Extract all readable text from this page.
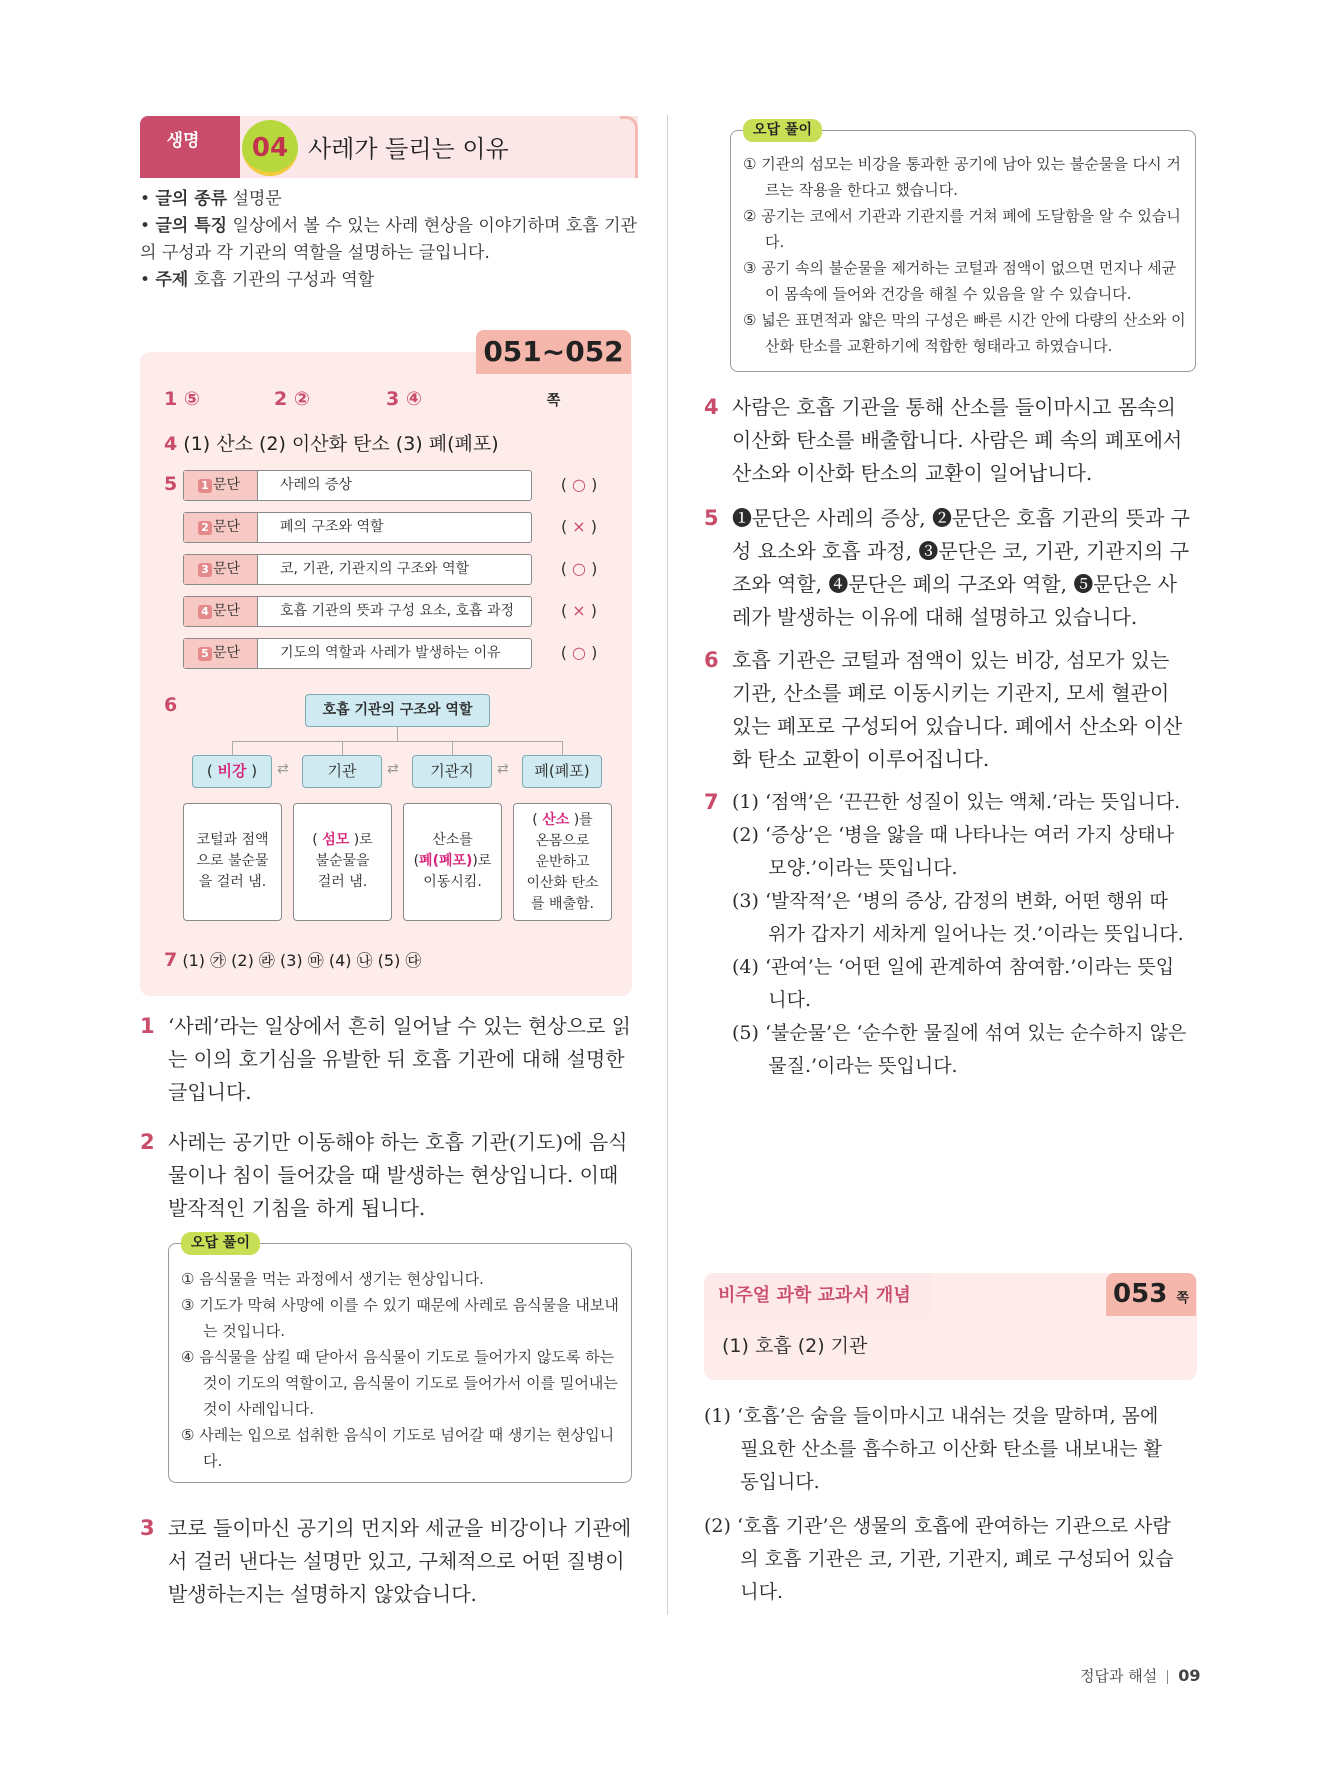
생명	04 사레가 들리는 이유
• 글의 종류 설명문
• 글의 특징 일상에서 볼 수 있는 사레 현상을 이야기하며 호흡 기관의 구성과 각 기관의 역할을 설명하는 글입니다.
• 주제 호흡 기관의 구성과 역할
051~052 쪽
1 ⑤	2 ②	3 ④
4 (1) 산소 (2) 이산화 탄소 (3) 폐(폐포)
5	1 문단	사레의 증상	( ○ )
2 문단	폐의 구조와 역할	( × )
3 문단	코, 기관, 기관지의 구조와 역할	( ○ )
4 문단	호흡 기관의 뜻과 구성 요소, 호흡 과정	( × )
5 문단	기도의 역할과 사레가 발생하는 이유	( ○ )
6	호흡 기관의 구조와 역할
( 비강 )	기관	기관지	폐(폐포)
⇄	⇄	⇄
코털과 점액
으로 불순물
을 걸러 냄.
( 섬모 )로
불순물을
걸러 냄.
산소를
(폐(폐포))로
이동시킴.
( 산소 )를
온몸으로
운반하고
이산화 탄소
를 배출함.
7 (1) ㉮ (2) ㉱ (3) ㉲ (4) ㉯ (5) ㉰
1 ‘사레’라는 일상에서 흔히 일어날 수 있는 현상으로 읽
는 이의 호기심을 유발한 뒤 호흡 기관에 대해 설명한
글입니다.
2 사레는 공기만 이동해야 하는 호흡 기관(기도)에 음식
물이나 침이 들어갔을 때 발생하는 현상입니다. 이때
발작적인 기침을 하게 됩니다.
오답 풀이
① 음식물을 먹는 과정에서 생기는 현상입니다.
③ 기도가 막혀 사망에 이를 수 있기 때문에 사레로 음식물을 내보내는 것입니다.
④ 음식물을 삼킬 때 닫아서 음식물이 기도로 들어가지 않도록 하는 것이 기도의 역할이고, 음식물이 기도로 들어가서 이를 밀어내는 것이 사레입니다.
⑤ 사레는 입으로 섭취한 음식이 기도로 넘어갈 때 생기는 현상입니다.
3 코로 들이마신 공기의 먼지와 세균을 비강이나 기관에
서 걸러 낸다는 설명만 있고, 구체적으로 어떤 질병이
발생하는지는 설명하지 않았습니다.
오답 풀이
① 기관의 섬모는 비강을 통과한 공기에 남아 있는 불순물을 다시 거르는 작용을 한다고 했습니다.
② 공기는 코에서 기관과 기관지를 거쳐 폐에 도달함을 알 수 있습니다.
③ 공기 속의 불순물을 제거하는 코털과 점액이 없으면 먼지나 세균이 몸속에 들어와 건강을 해칠 수 있음을 알 수 있습니다.
⑤ 넓은 표면적과 얇은 막의 구성은 빠른 시간 안에 다량의 산소와 이산화 탄소를 교환하기에 적합한 형태라고 하였습니다.
4 사람은 호흡 기관을 통해 산소를 들이마시고 몸속의
이산화 탄소를 배출합니다. 사람은 폐 속의 폐포에서
산소와 이산화 탄소의 교환이 일어납니다.
5 ❶문단은 사레의 증상, ❷문단은 호흡 기관의 뜻과 구
성 요소와 호흡 과정, ❸문단은 코, 기관, 기관지의 구
조와 역할, ❹문단은 폐의 구조와 역할, ❺문단은 사
레가 발생하는 이유에 대해 설명하고 있습니다.
6 호흡 기관은 코털과 점액이 있는 비강, 섬모가 있는
기관, 산소를 폐로 이동시키는 기관지, 모세 혈관이
있는 폐포로 구성되어 있습니다. 폐에서 산소와 이산
화 탄소 교환이 이루어집니다.
7 (1) ‘점액’은 ‘끈끈한 성질이 있는 액체.’라는 뜻입니다.
(2) ‘증상’은 ‘병을 앓을 때 나타나는 여러 가지 상태나
모양.’이라는 뜻입니다.
(3) ‘발작적’은 ‘병의 증상, 감정의 변화, 어떤 행위 따
위가 갑자기 세차게 일어나는 것.’이라는 뜻입니다.
(4) ‘관여’는 ‘어떤 일에 관계하여 참여함.’이라는 뜻입
니다.
(5) ‘불순물’은 ‘순수한 물질에 섞여 있는 순수하지 않은
물질.’이라는 뜻입니다.
비주얼 과학 교과서 개념
(1) 호흡 (2) 기관
053 쪽
(1) ‘호흡’은 숨을 들이마시고 내쉬는 것을 말하며, 몸에
필요한 산소를 흡수하고 이산화 탄소를 내보내는 활
동입니다.
(2) ‘호흡 기관’은 생물의 호흡에 관여하는 기관으로 사람
의 호흡 기관은 코, 기관, 기관지, 폐로 구성되어 있습
니다.
정답과 해설 09
